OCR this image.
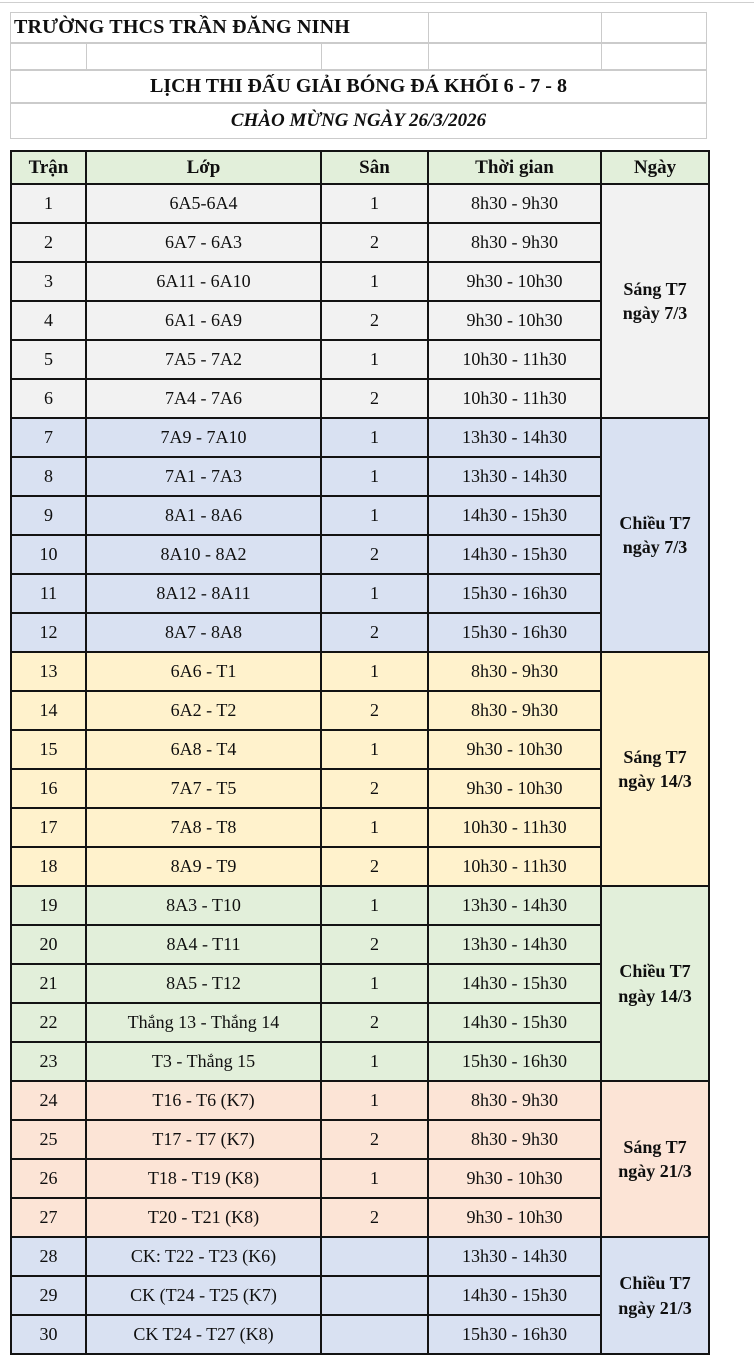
TRƯỜNG THCS TRẦN ĐĂNG NINH
LỊCH THI ĐẤU GIẢI BÓNG ĐÁ KHỐI 6 - 7 - 8
CHÀO MỪNG NGÀY 26/3/2026
Trận	Lớp	Sân	Thời gian	Ngày
1	6A5-6A4	1	8h30 - 9h30	Sáng T7 ngày 7/3
2	6A7 - 6A3	2	8h30 - 9h30	
3	6A11 - 6A10	1	9h30 - 10h30	
4	6A1 - 6A9	2	9h30 - 10h30	
5	7A5 - 7A2	1	10h30 - 11h30	
6	7A4 - 7A6	2	10h30 - 11h30	
7	7A9 - 7A10	1	13h30 - 14h30	Chiều T7 ngày 7/3
8	7A1 - 7A3	1	13h30 - 14h30	
9	8A1 - 8A6	1	14h30 - 15h30	
10	8A10 - 8A2	2	14h30 - 15h30	
11	8A12 - 8A11	1	15h30 - 16h30	
12	8A7 - 8A8	2	15h30 - 16h30	
13	6A6 - T1	1	8h30 - 9h30	Sáng T7 ngày 14/3
14	6A2 - T2	2	8h30 - 9h30	
15	6A8 - T4	1	9h30 - 10h30	
16	7A7 - T5	2	9h30 - 10h30	
17	7A8 - T8	1	10h30 - 11h30	
18	8A9 - T9	2	10h30 - 11h30	
19	8A3 - T10	1	13h30 - 14h30	Chiều T7 ngày 14/3
20	8A4 - T11	2	13h30 - 14h30	
21	8A5 - T12	1	14h30 - 15h30	
22	Thắng 13 - Thắng 14	2	14h30 - 15h30	
23	T3 - Thắng 15	1	15h30 - 16h30	
24	T16 - T6 (K7)	1	8h30 - 9h30	Sáng T7 ngày 21/3
25	T17 - T7 (K7)	2	8h30 - 9h30	
26	T18 - T19 (K8)	1	9h30 - 10h30	
27	T20 - T21 (K8)	2	9h30 - 10h30	
28	CK: T22 - T23 (K6)		13h30 - 14h30	Chiều T7 ngày 21/3
29	CK (T24 - T25 (K7)		14h30 - 15h30	
30	CK T24 - T27 (K8)		15h30 - 16h30	
